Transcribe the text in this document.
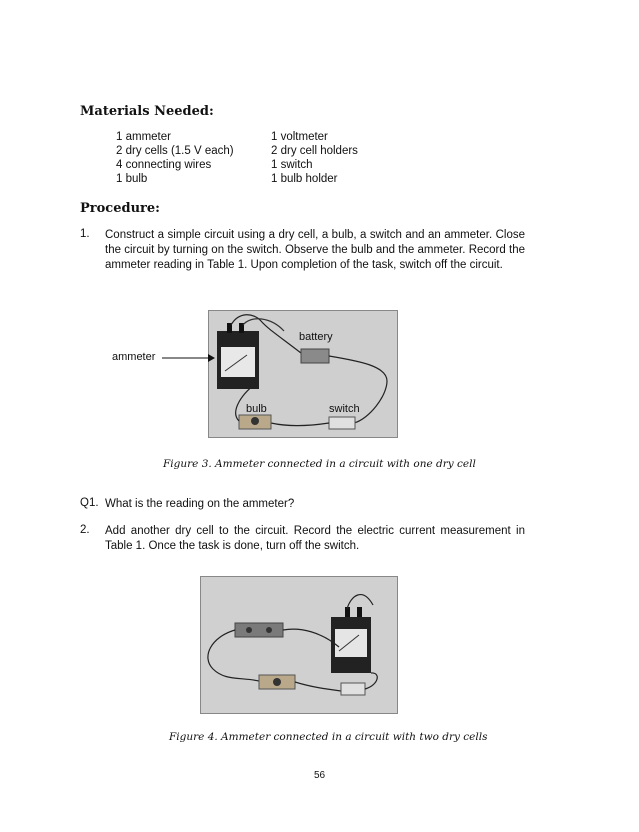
Materials Needed:
1 ammeter
2 dry cells (1.5 V each)
4 connecting wires
1 bulb
1 voltmeter
2 dry cell holders
1 switch
1 bulb holder
Procedure:
1. Construct a simple circuit using a dry cell, a bulb, a switch and an ammeter. Close the circuit by turning on the switch. Observe the bulb and the ammeter. Record the ammeter reading in Table 1. Upon completion of the task, switch off the circuit.
battery
ammeter
bulb	switch
Figure 3. Ammeter connected in a circuit with one dry cell
Q1. What is the reading on the ammeter?
2. Add another dry cell to the circuit. Record the electric current measurement in Table 1. Once the task is done, turn off the switch.
Figure 4. Ammeter connected in a circuit with two dry cells
56
